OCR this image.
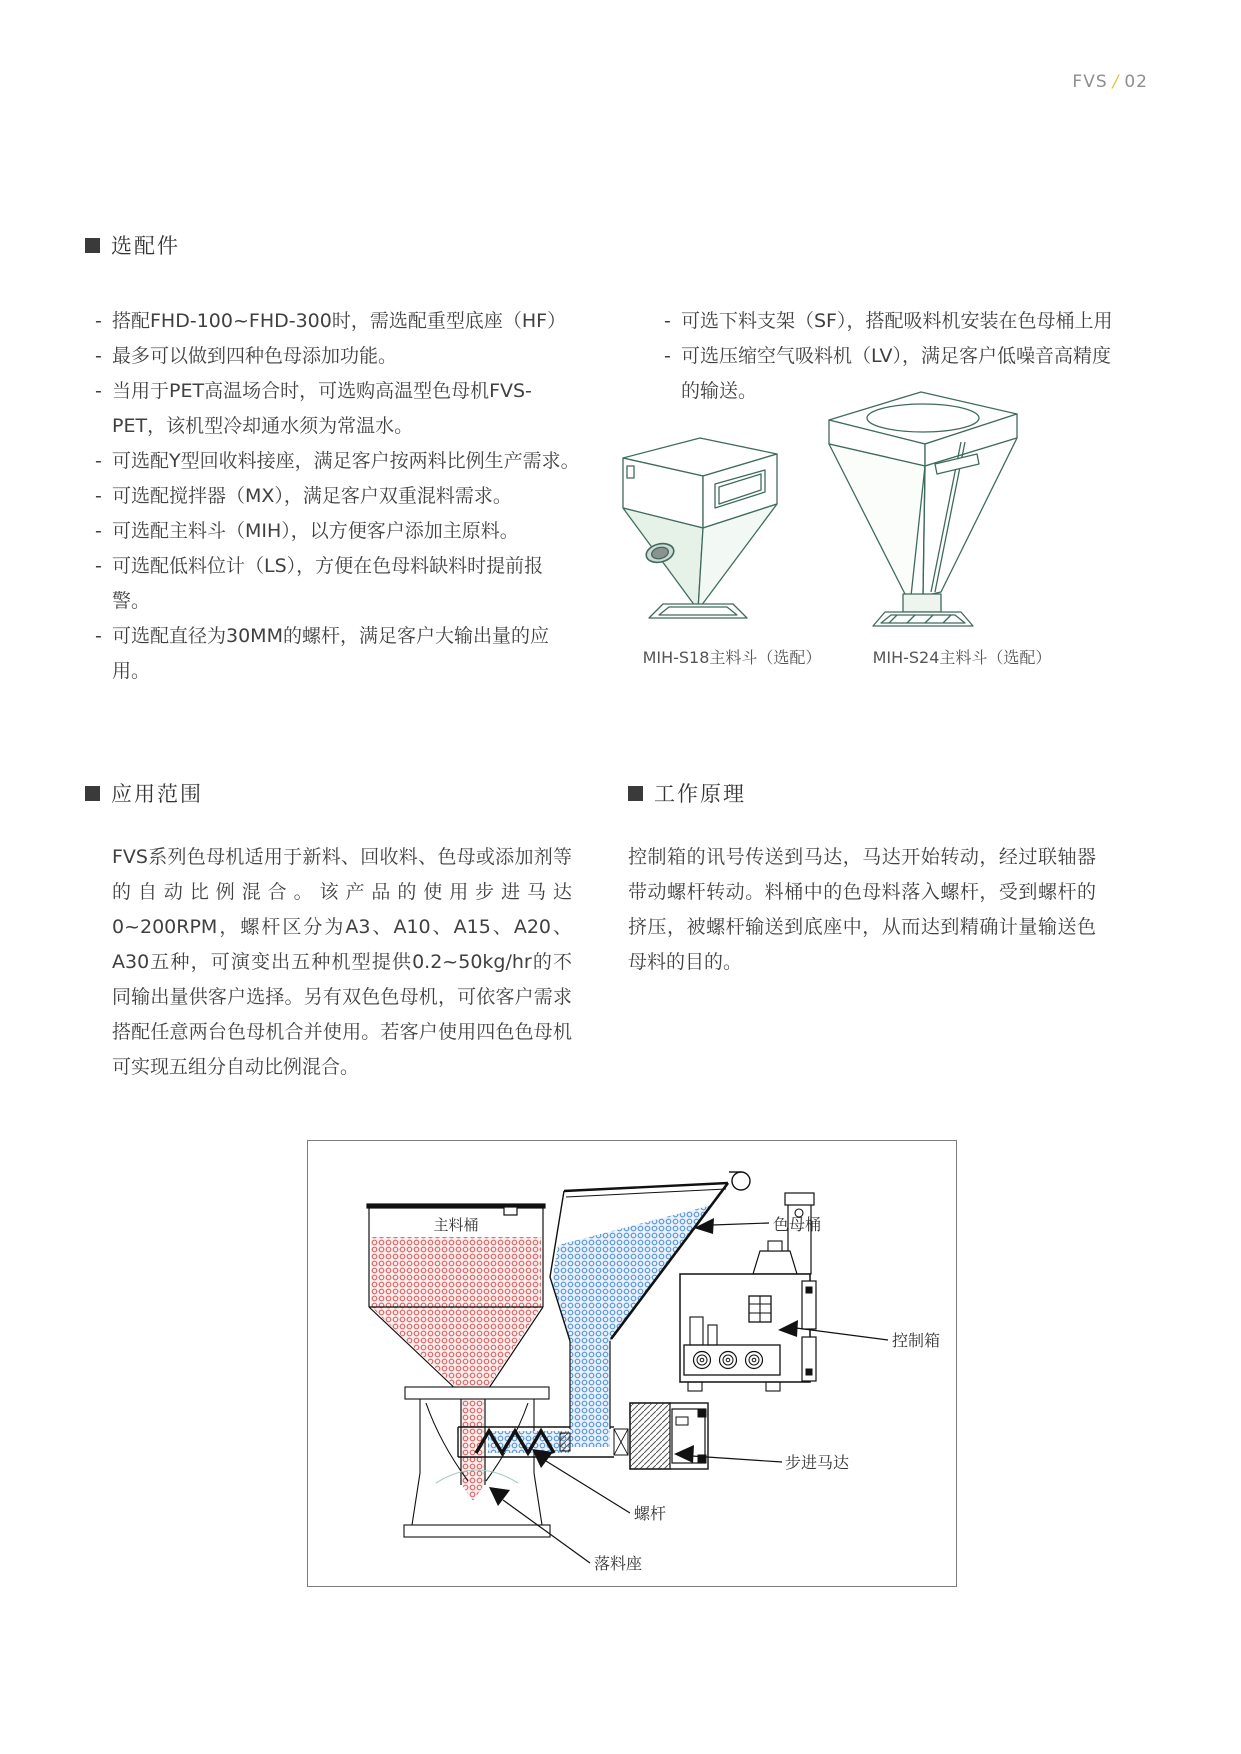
FVS / 02
选配件
- 搭配FHD-100~FHD-300时，需选配重型底座（HF）
- 最多可以做到四种色母添加功能。
- 当用于PET高温场合时，可选购高温型色母机FVS-PET，该机型冷却通水须为常温水。
- 可选配Y型回收料接座，满足客户按两料比例生产需求。
- 可选配搅拌器（MX），满足客户双重混料需求。
- 可选配主料斗（MIH），以方便客户添加主原料。
- 可选配低料位计（LS），方便在色母料缺料时提前报警。
- 可选配直径为30MM的螺杆，满足客户大输出量的应用。
- 可选下料支架（SF），搭配吸料机安装在色母桶上用
- 可选压缩空气吸料机（LV），满足客户低噪音高精度的输送。
MIH-S18主料斗（选配）	MIH-S24主料斗（选配）
应用范围
FVS系列色母机适用于新料、回收料、色母或添加剂等的自动比例混合。该产品的使用步进马达0~200RPM，螺杆区分为A3、A10、A15、A20、A30五种，可演变出五种机型提供0.2~50kg/hr的不同输出量供客户选择。另有双色色母机，可依客户需求搭配任意两台色母机合并使用。若客户使用四色色母机可实现五组分自动比例混合。
工作原理
控制箱的讯号传送到马达，马达开始转动，经过联轴器带动螺杆转动。料桶中的色母料落入螺杆，受到螺杆的挤压，被螺杆输送到底座中，从而达到精确计量输送色母料的目的。
主料桶	色母桶
控制箱
步进马达
螺杆
落料座
